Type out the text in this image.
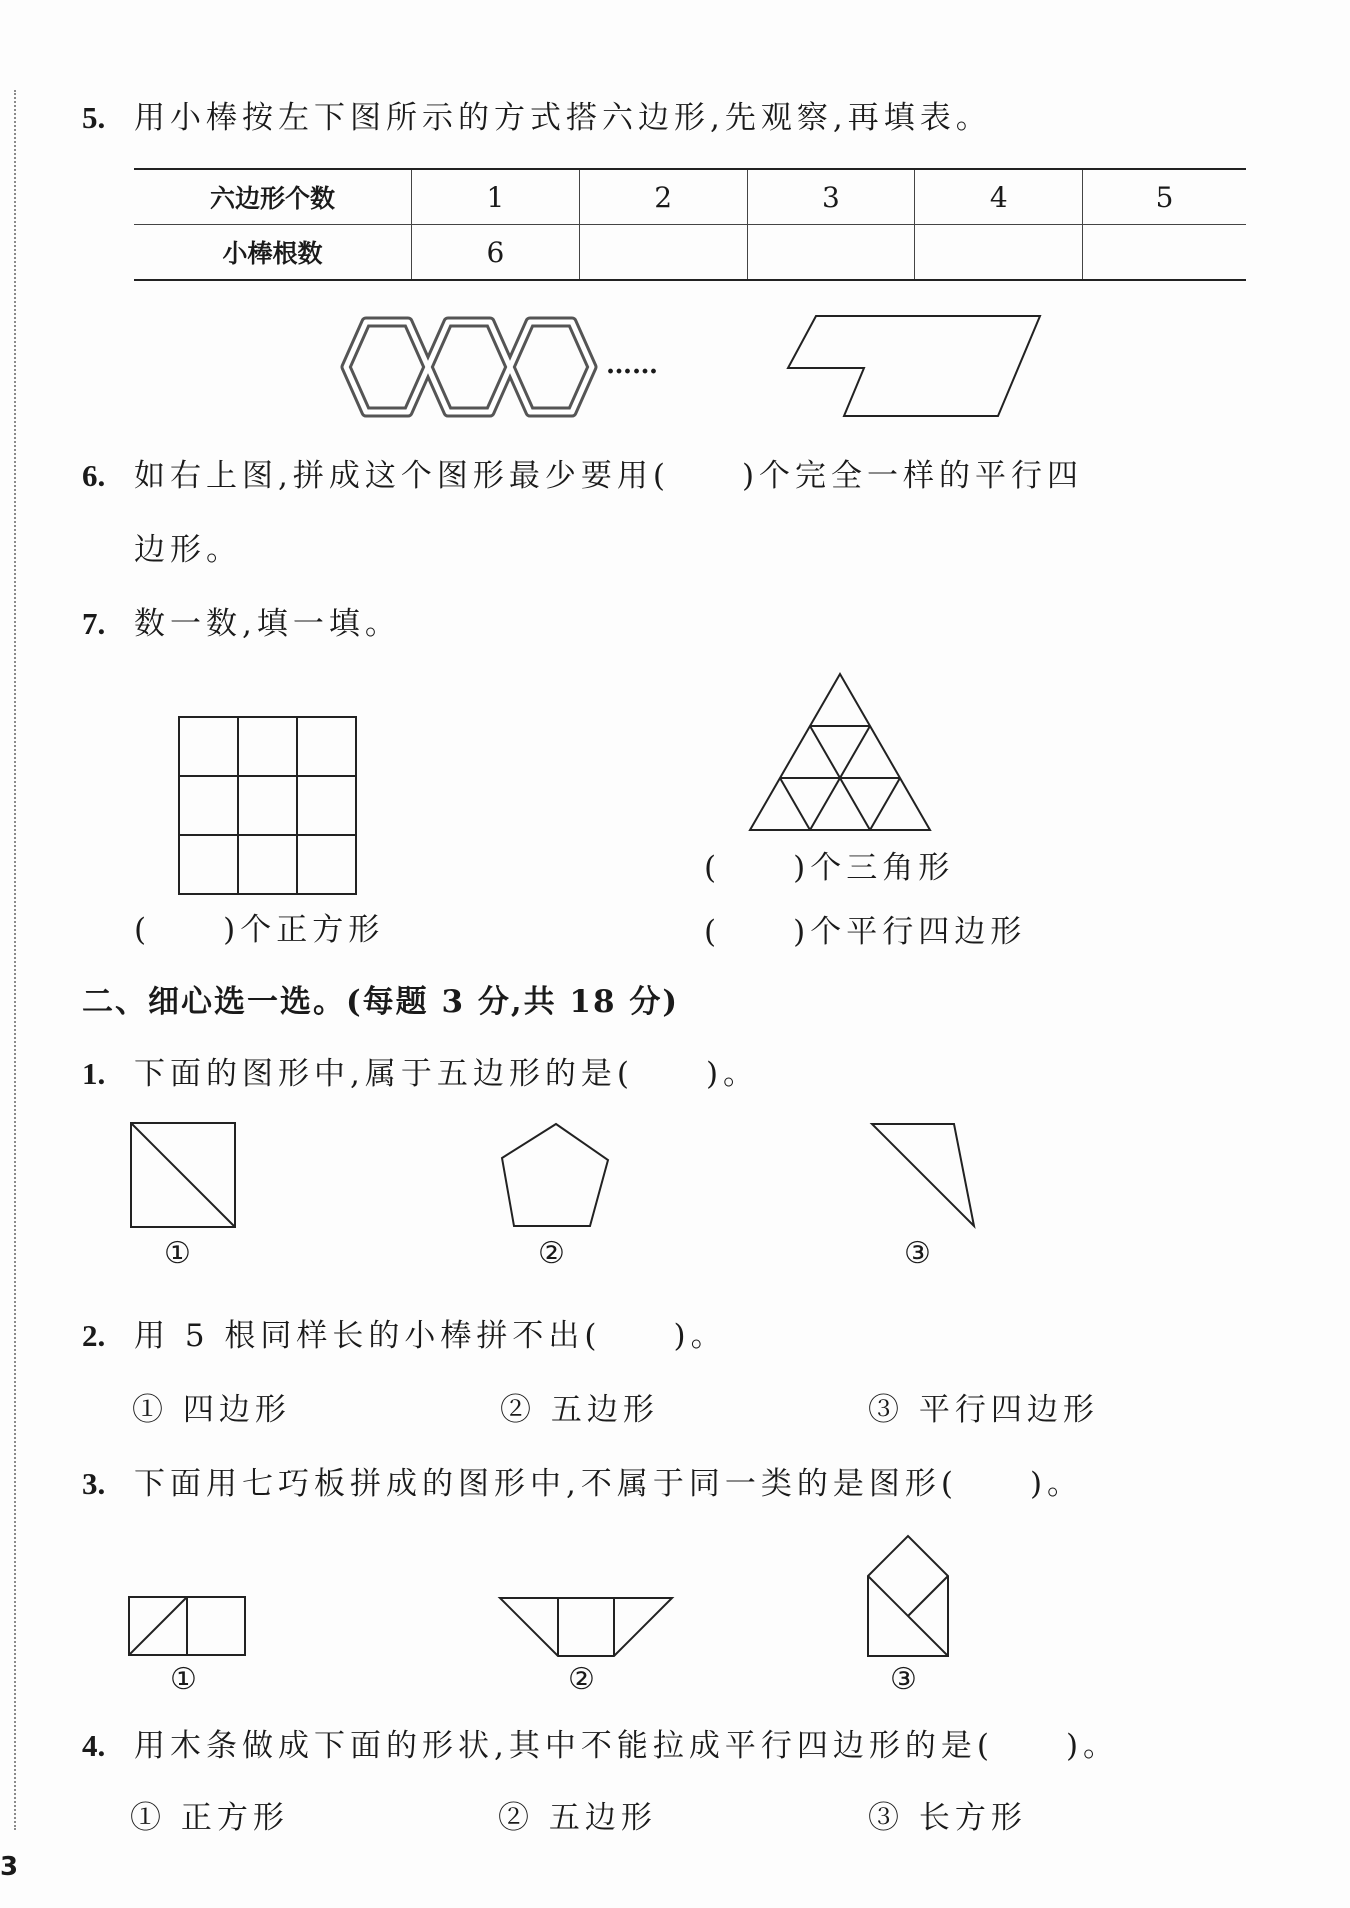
5. 用小棒按左下图所示的方式搭六边形,先观察,再填表。
六边形个数	1	2	3	4	5
小棒根数	6				
……
6. 如右上图,拼成这个图形最少要用(　　)个完全一样的平行四
边形。
7. 数一数,填一填。
(　　)个正方形
(　　)个三角形
(　　)个平行四边形
二、细心选一选。(每题 3 分,共 18 分)
1. 下面的图形中,属于五边形的是(　　)。
①	②	③
2. 用 5 根同样长的小棒拼不出(　　)。
① 四边形	② 五边形	③ 平行四边形
3. 下面用七巧板拼成的图形中,不属于同一类的是图形(　　)。
①	②	③
4. 用木条做成下面的形状,其中不能拉成平行四边形的是(　　)。
① 正方形	② 五边形	③ 长方形
3
